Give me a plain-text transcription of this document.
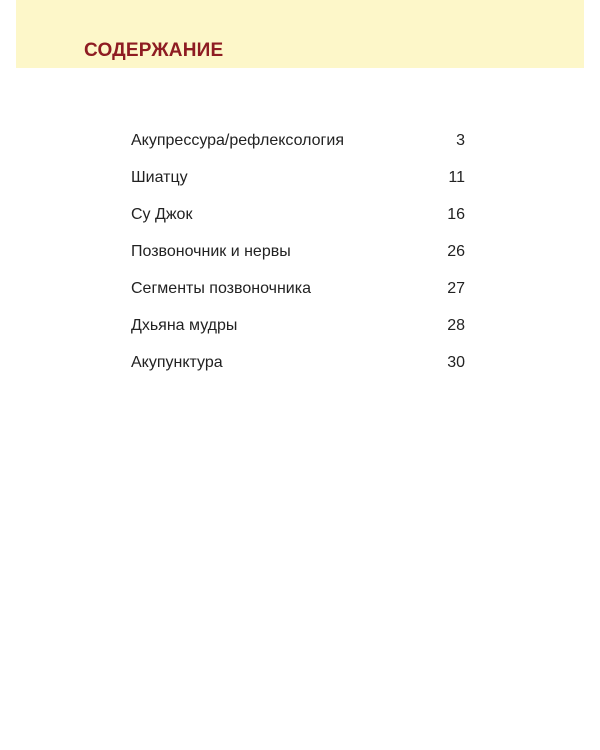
СОДЕРЖАНИЕ
Акупрессура/рефлексология	3
Шиатцу	11
Су Джок	16
Позвоночник и нервы	26
Сегменты позвоночника	27
Дхьяна мудры	28
Акупунктура	30
